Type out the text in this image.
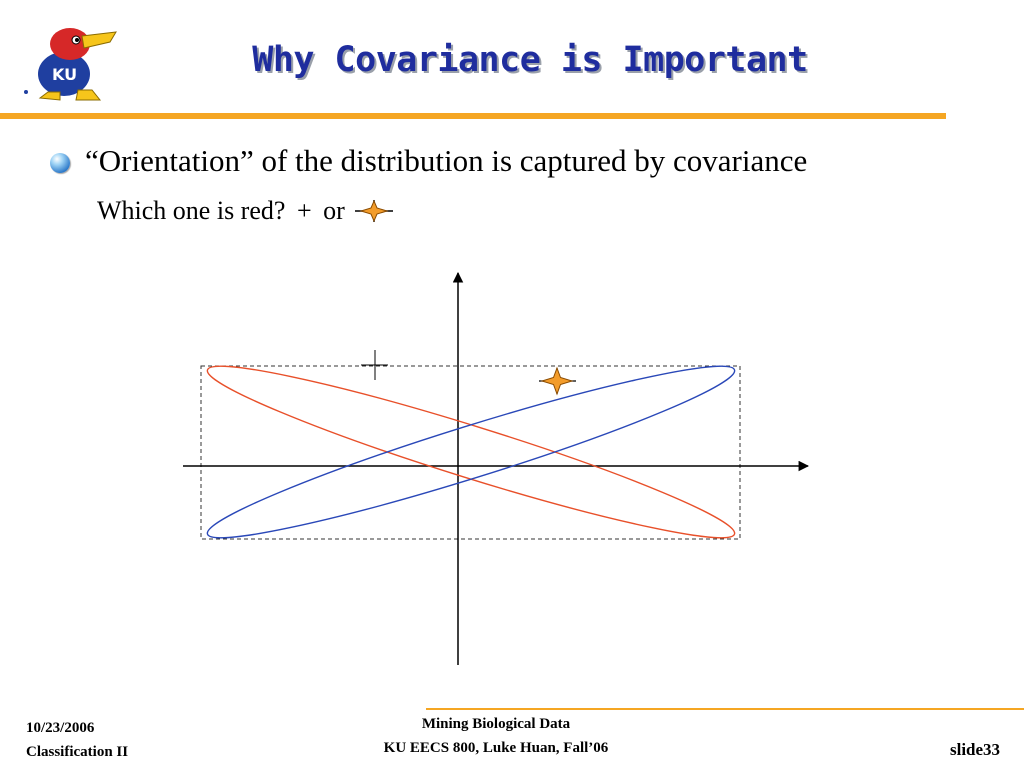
KU	Why Covariance is Important
“Orientation” of the distribution is captured by covariance
Which one is red? + or
10/23/2006
Classification II
Mining Biological Data
KU EECS 800, Luke Huan, Fall’06	slide33
